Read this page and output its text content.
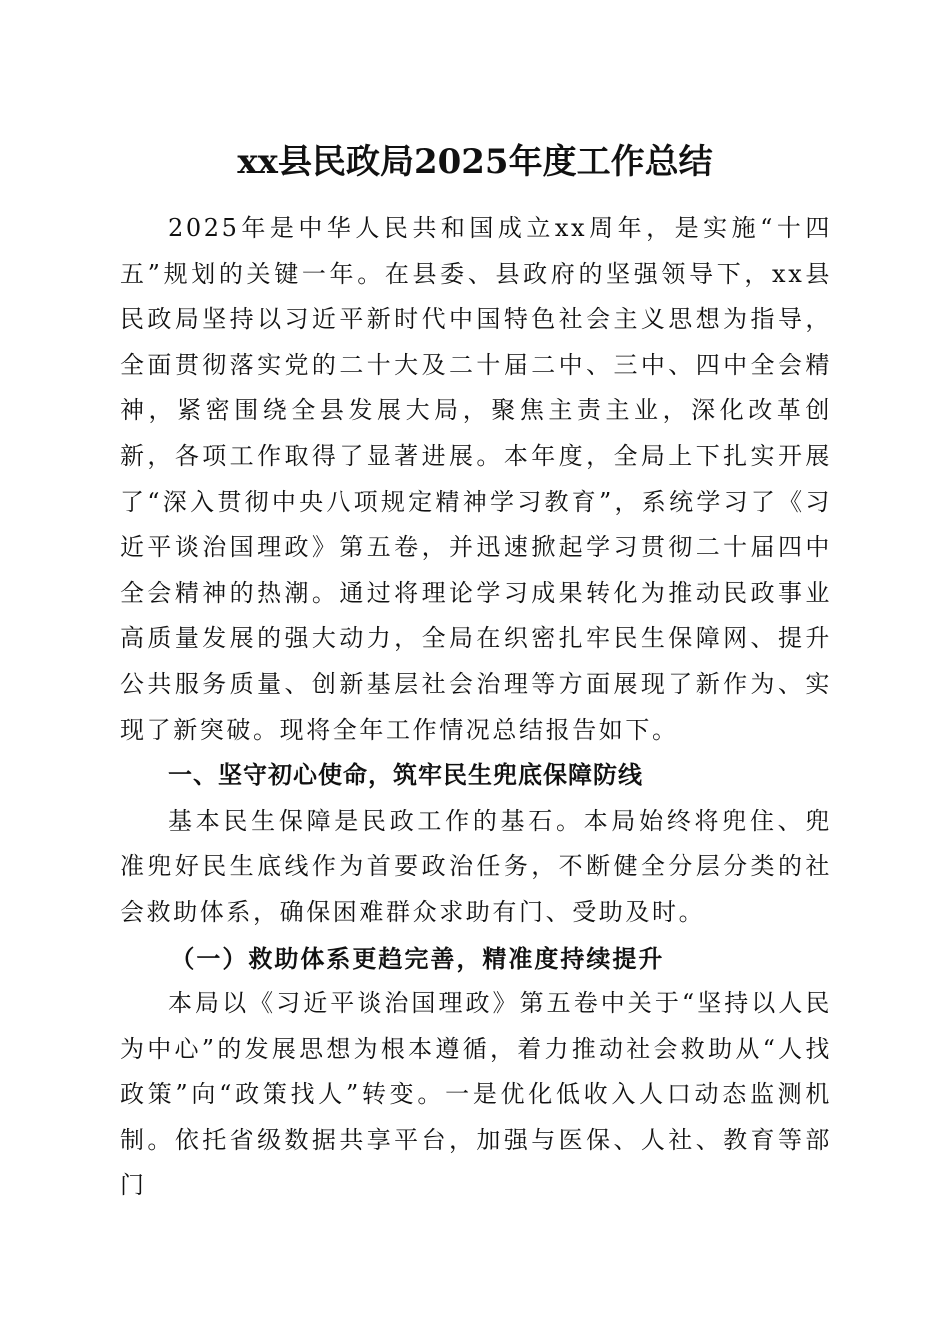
xx县民政局2025年度工作总结

2025年是中华人民共和国成立xx周年，是实施“十四五”规划的关键一年。在县委、县政府的坚强领导下，xx县民政局坚持以习近平新时代中国特色社会主义思想为指导，全面贯彻落实党的二十大及二十届二中、三中、四中全会精神，紧密围绕全县发展大局，聚焦主责主业，深化改革创新，各项工作取得了显著进展。本年度，全局上下扎实开展了“深入贯彻中央八项规定精神学习教育”，系统学习了《习近平谈治国理政》第五卷，并迅速掀起学习贯彻二十届四中全会精神的热潮。通过将理论学习成果转化为推动民政事业高质量发展的强大动力，全局在织密扎牢民生保障网、提升公共服务质量、创新基层社会治理等方面展现了新作为、实现了新突破。现将全年工作情况总结报告如下。

一、坚守初心使命，筑牢民生兜底保障防线

基本民生保障是民政工作的基石。本局始终将兜住、兜准兜好民生底线作为首要政治任务，不断健全分层分类的社会救助体系，确保困难群众求助有门、受助及时。

（一）救助体系更趋完善，精准度持续提升

本局以《习近平谈治国理政》第五卷中关于“坚持以人民为中心”的发展思想为根本遵循，着力推动社会救助从“人找政策”向“政策找人”转变。一是优化低收入人口动态监测机制。依托省级数据共享平台，加强与医保、人社、教育等部门
